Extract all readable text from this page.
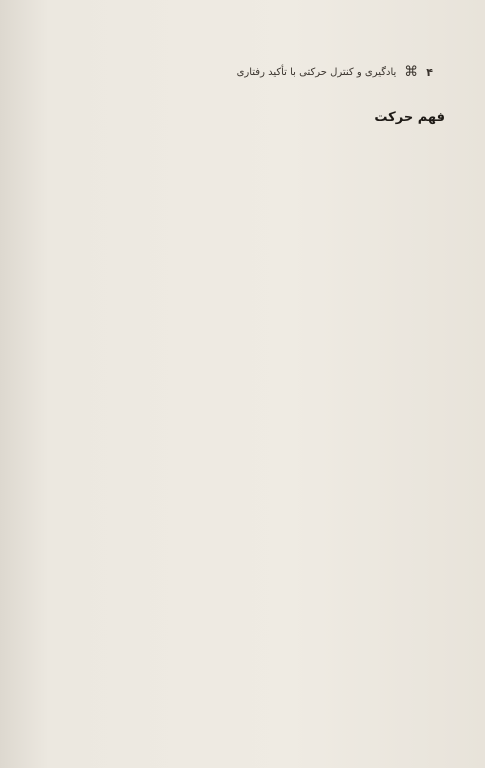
۴
⌘
یادگیری و کنترل حرکتی با تأکید رفتاری

فهم حرکت
